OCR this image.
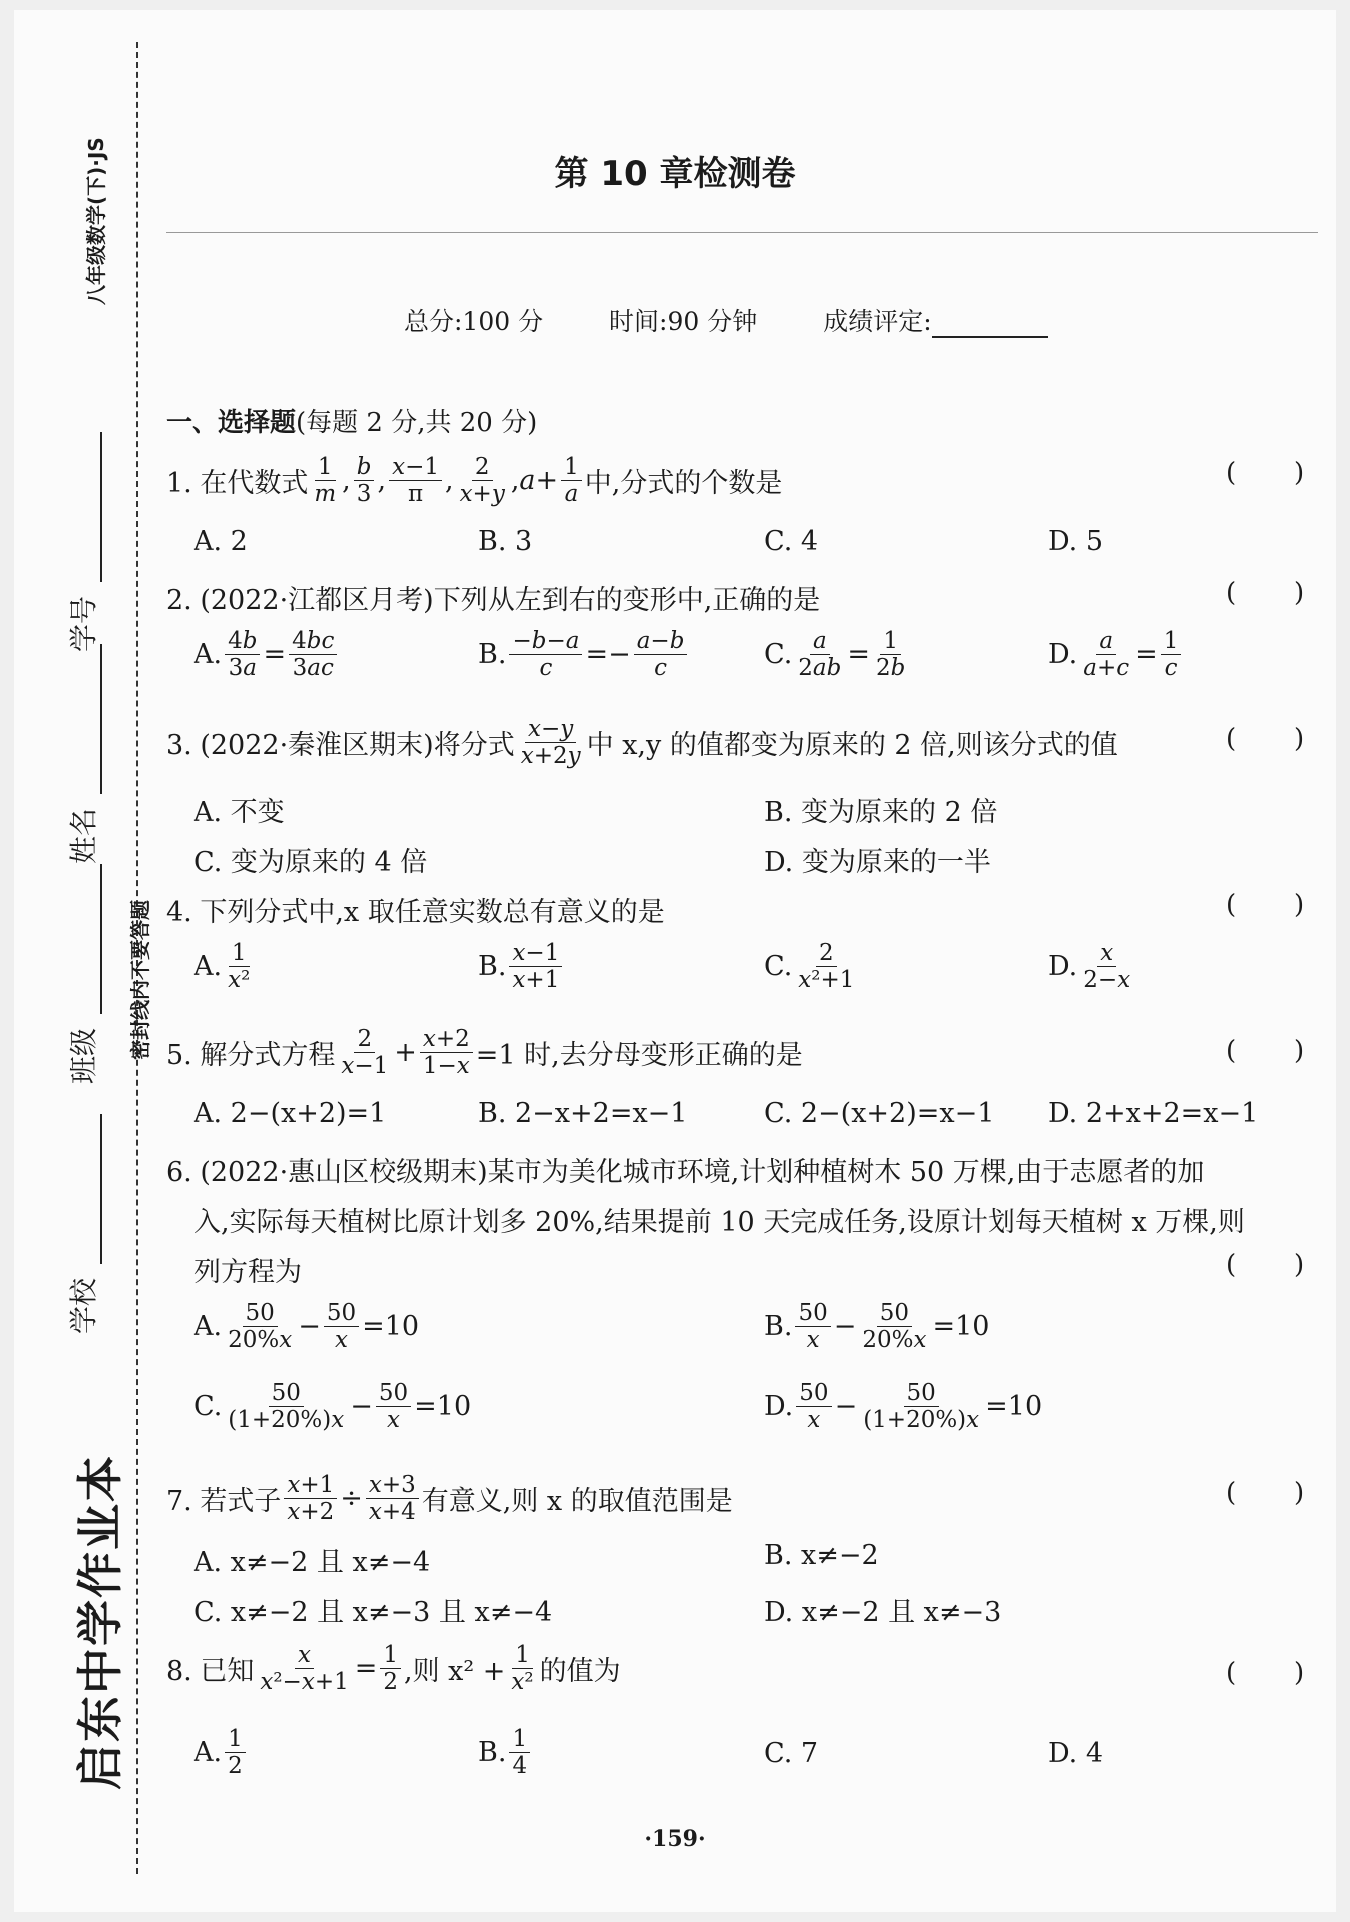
八年级数学(下)·JS
密封线内不要答题
学校
班级
姓名
学号
启东中学作业本
第 10 章检测卷
总分:100 分	时间:90 分钟	成绩评定:
一、选择题(每题 2 分,共 20 分)
1. 在代数式 $\frac{1}{m}$ , $\frac{b}{3}$ , $\frac{x-1}{\pi}$ , $\frac{2}{x+y}$ , $a + \frac{1}{a}$ 中,分式的个数是	(       )
A. 2	B. 3	C. 4	D. 5
2. (2022·江都区月考)下列从左到右的变形中,正确的是	(       )
A. $\frac{4b}{3a} = \frac{4bc}{3ac}$	B. $\frac{-b-a}{c} =- \frac{a-b}{c}$	C. $\frac{a}{2ab} = \frac{1}{2b}$	D. $\frac{a}{a+c} = \frac{1}{c}$
3. (2022·秦淮区期末)将分式 $\frac{x-y}{x+2y}$ 中 x,y 的值都变为原来的 2 倍,则该分式的值	(       )
A. 不变	B. 变为原来的 2 倍
C. 变为原来的 4 倍	D. 变为原来的一半
4. 下列分式中,x 取任意实数总有意义的是	(       )
A. $\frac{1}{\text{x²}}$	B. $\frac{x-1}{x+1}$	C. $\frac{2}{\text{x²+1}}$	D. $\frac{x}{2-x}$
5. 解分式方程 $\frac{2}{x-1} + \frac{x+2}{1-x} =1$ 时,去分母变形正确的是	(       )
A. 2−(x+2)=1	B. 2−x+2=x−1	C. 2−(x+2)=x−1 D. 2+x+2=x−1
6. (2022·惠山区校级期末)某市为美化城市环境,计划种植树木 50 万棵,由于志愿者的加
入,实际每天植树比原计划多 20%,结果提前 10 天完成任务,设原计划每天植树 x 万棵,则
列方程为	(       )
A. $\frac{50}{20\%x} - \frac{50}{x} =10$	B. $\frac{50}{x} - \frac{50}{20\%x} =10$
C. $\frac{50}{(1+20\%)x} - \frac{50}{x} =10$	D. $\frac{50}{x} - \frac{50}{(1+20\%)x} =10$
7. 若式子 $\frac{x+1}{x+2} \div \frac{x+3}{x+4}$ 有意义,则 x 的取值范围是	(       )
A. x≠−2 且 x≠−4	B. x≠−2
C. x≠−2 且 x≠−3 且 x≠−4	D. x≠−2 且 x≠−3
8. 已知 $\frac{x}{\text{x²−x+1}} = \frac{1}{2}$ ,则 $x^2 + \frac{1}{\text{x²}}$ 的值为	(       )
A. $\frac{1}{2}$	B. $\frac{1}{4}$	C. 7	D. 4
·159·
